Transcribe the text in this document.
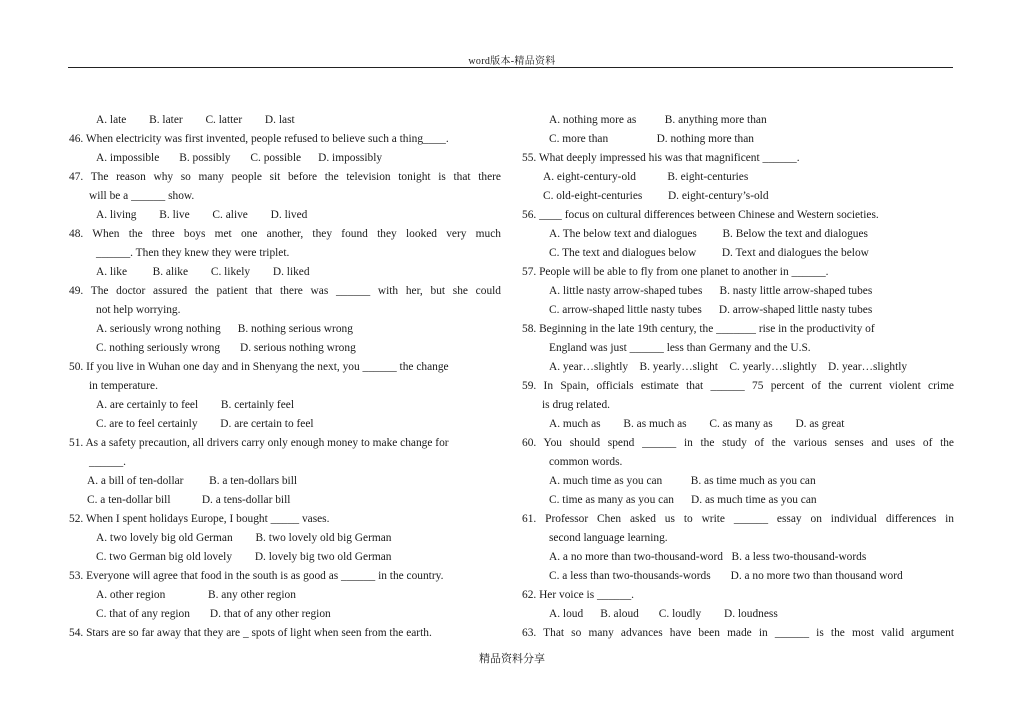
word版本-精品资料
A. late        B. later        C. latter        D. last
46. When electricity was first invented, people refused to believe such a thing____.
A. impossible       B. possibly       C. possible      D. impossibly
47. The reason why so many people sit before the television tonight is that there
will be a ______ show.
A. living        B. live        C. alive        D. lived
48. When the three boys met one another, they found they looked very much
______. Then they knew they were triplet.
A. like         B. alike        C. likely        D. liked
49. The doctor assured the patient that there was ______ with her, but she could
not help worrying.
A. seriously wrong nothing      B. nothing serious wrong
C. nothing seriously wrong       D. serious nothing wrong
50. If you live in Wuhan one day and in Shenyang the next, you ______ the change
in temperature.
A. are certainly to feel        B. certainly feel
C. are to feel certainly        D. are certain to feel
51. As a safety precaution, all drivers carry only enough money to make change for
______.
A. a bill of ten-dollar         B. a ten-dollars bill
C. a ten-dollar bill           D. a tens-dollar bill
52. When I spent holidays Europe, I bought _____ vases.
A. two lovely big old German        B. two lovely old big German
C. two German big old lovely        D. lovely big two old German
53. Everyone will agree that food in the south is as good as ______ in the country.
A. other region               B. any other region
C. that of any region       D. that of any other region
54. Stars are so far away that they are _ spots of light when seen from the earth.
A. nothing more as          B. anything more than
C. more than                 D. nothing more than
55. What deeply impressed his was that magnificent ______.
A. eight-century-old           B. eight-centuries
C. old-eight-centuries         D. eight-century’s-old
56. ____ focus on cultural differences between Chinese and Western societies.
A. The below text and dialogues         B. Below the text and dialogues
C. The text and dialogues below         D. Text and dialogues the below
57. People will be able to fly from one planet to another in ______.
A. little nasty arrow-shaped tubes      B. nasty little arrow-shaped tubes
C. arrow-shaped little nasty tubes      D. arrow-shaped little nasty tubes
58. Beginning in the late 19th century, the _______ rise in the productivity of
England was just ______ less than Germany and the U.S.
A. year…slightly    B. yearly…slight    C. yearly…slightly    D. year…slightly
59. In Spain, officials estimate that ______ 75 percent of the current violent crime
is drug related.
A. much as        B. as much as        C. as many as        D. as great
60. You should spend ______ in the study of the various senses and uses of the
common words.
A. much time as you can          B. as time much as you can
C. time as many as you can      D. as much time as you can
61. Professor Chen asked us to write ______ essay on individual differences in
second language learning.
A. a no more than two-thousand-word   B. a less two-thousand-words
C. a less than two-thousands-words       D. a no more two than thousand word
62. Her voice is ______.
A. loud      B. aloud       C. loudly        D. loudness
63. That so many advances have been made in ______ is the most valid argument
精品资料分享
